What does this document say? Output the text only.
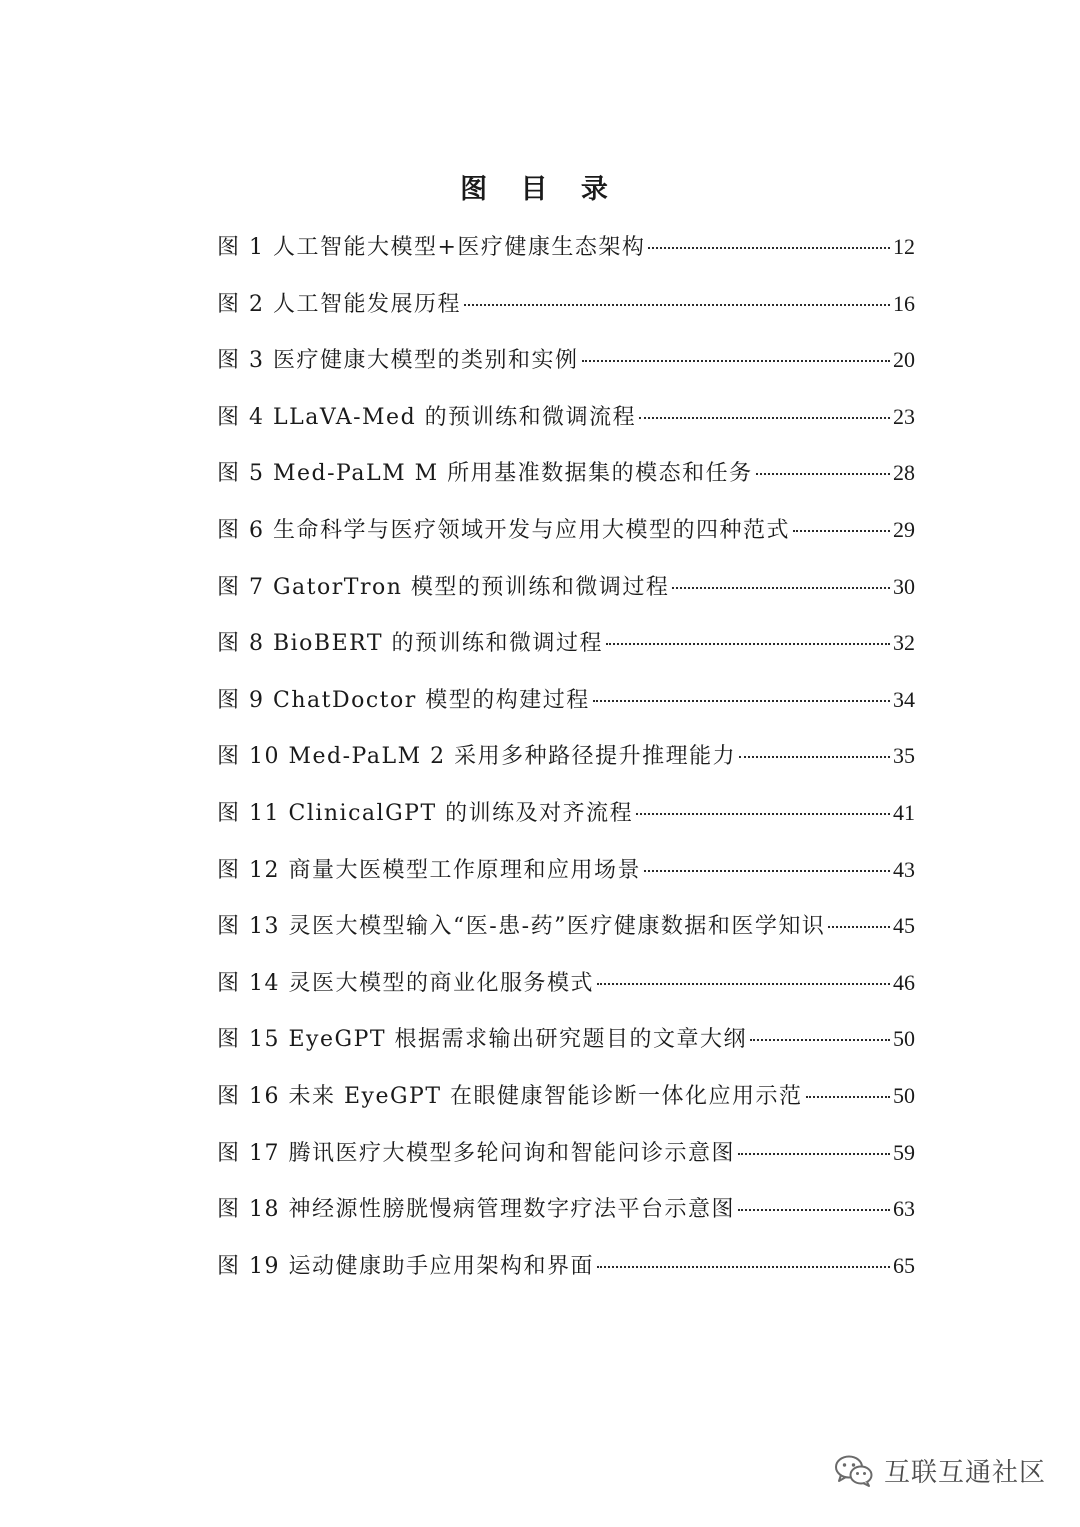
图 目 录
图 1 人工智能大模型+医疗健康生态架构	12
图 2 人工智能发展历程	16
图 3 医疗健康大模型的类别和实例	20
图 4 LLaVA-Med 的预训练和微调流程	23
图 5 Med-PaLM M 所用基准数据集的模态和任务	28
图 6 生命科学与医疗领域开发与应用大模型的四种范式	29
图 7 GatorTron 模型的预训练和微调过程	30
图 8 BioBERT 的预训练和微调过程	32
图 9 ChatDoctor 模型的构建过程	34
图 10 Med-PaLM 2 采用多种路径提升推理能力	35
图 11 ClinicalGPT 的训练及对齐流程	41
图 12 商量大医模型工作原理和应用场景	43
图 13 灵医大模型输入“医-患-药”医疗健康数据和医学知识	45
图 14 灵医大模型的商业化服务模式	46
图 15 EyeGPT 根据需求输出研究题目的文章大纲	50
图 16 未来 EyeGPT 在眼健康智能诊断一体化应用示范	50
图 17 腾讯医疗大模型多轮问询和智能问诊示意图	59
图 18 神经源性膀胱慢病管理数字疗法平台示意图	63
图 19 运动健康助手应用架构和界面	65
互联互通社区
